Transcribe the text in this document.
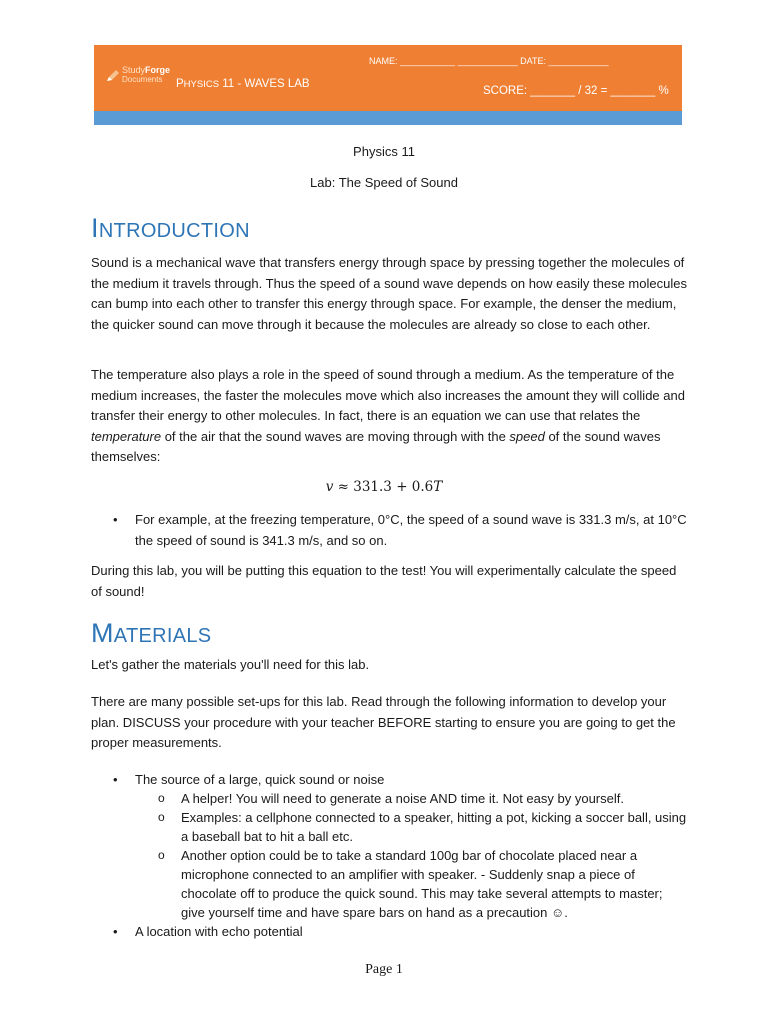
StudyForge
Documents PHYSICS 11 - WAVES LAB
NAME: ___________ ____________ DATE: ____________
SCORE: _______ / 32 = _______ %
Physics 11
Lab: The Speed of Sound
INTRODUCTION

Sound is a mechanical wave that transfers energy through space by pressing together the molecules of the medium it travels through. Thus the speed of a sound wave depends on how easily these molecules can bump into each other to transfer this energy through space. For example, the denser the medium, the quicker sound can move through it because the molecules are already so close to each other.

The temperature also plays a role in the speed of sound through a medium. As the temperature of the medium increases, the faster the molecules move which also increases the amount they will collide and transfer their energy to other molecules. In fact, there is an equation we can use that relates the temperature of the air that the sound waves are moving through with the speed of the sound waves themselves:

v ≈ 331.3 + 0.6T

• For example, at the freezing temperature, 0°C, the speed of a sound wave is 331.3 m/s, at 10°C the speed of sound is 341.3 m/s, and so on.

During this lab, you will be putting this equation to the test! You will experimentally calculate the speed of sound!

MATERIALS

Let's gather the materials you'll need for this lab.

There are many possible set-ups for this lab. Read through the following information to develop your plan. DISCUSS your procedure with your teacher BEFORE starting to ensure you are going to get the proper measurements.

• The source of a large, quick sound or noise

o A helper! You will need to generate a noise AND time it. Not easy by yourself.

o Examples: a cellphone connected to a speaker, hitting a pot, kicking a soccer ball, using a baseball bat to hit a ball etc.

o Another option could be to take a standard 100g bar of chocolate placed near a microphone connected to an amplifier with speaker. - Suddenly snap a piece of chocolate off to produce the quick sound. This may take several attempts to master; give yourself time and have spare bars on hand as a precaution ☺.

• A location with echo potential

Page 1
